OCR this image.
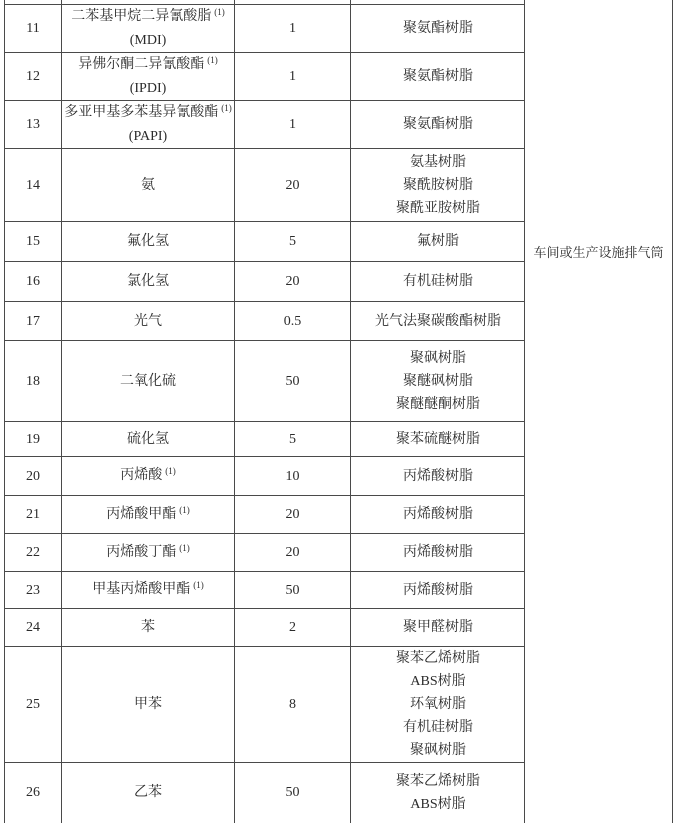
11	二苯基甲烷二异氰酸脂 $^{(1)}$
(MDI)	1	聚氨酯树脂

12	异佛尔酮二异氰酸酯 $^{(1)}$
(IPDI)	1	聚氨酯树脂

13	多亚甲基多苯基异氰酸酯 $^{(1)}$
(PAPI)	1	聚氨酯树脂

14	氨	20	氨基树脂
聚酰胺树脂
聚酰亚胺树脂

15	氟化氢	5	氟树脂

16	氯化氢	20	有机硅树脂

17	光气	0.5	光气法聚碳酸酯树脂

18	二氧化硫	50	聚砜树脂
聚醚砜树脂
聚醚醚酮树脂

19	硫化氢	5	聚苯硫醚树脂

20	丙烯酸 $^{(1)}$	10	丙烯酸树脂

21	丙烯酸甲酯 $^{(1)}$	20	丙烯酸树脂

22	丙烯酸丁酯 $^{(1)}$	20	丙烯酸树脂

23	甲基丙烯酸甲酯 $^{(1)}$	50	丙烯酸树脂

24	苯	2	聚甲醛树脂

25	甲苯	8	聚苯乙烯树脂
ABS树脂
环氧树脂
有机硅树脂
聚砜树脂

26	乙苯	50	聚苯乙烯树脂
ABS树脂
车间或生产设施排气筒
